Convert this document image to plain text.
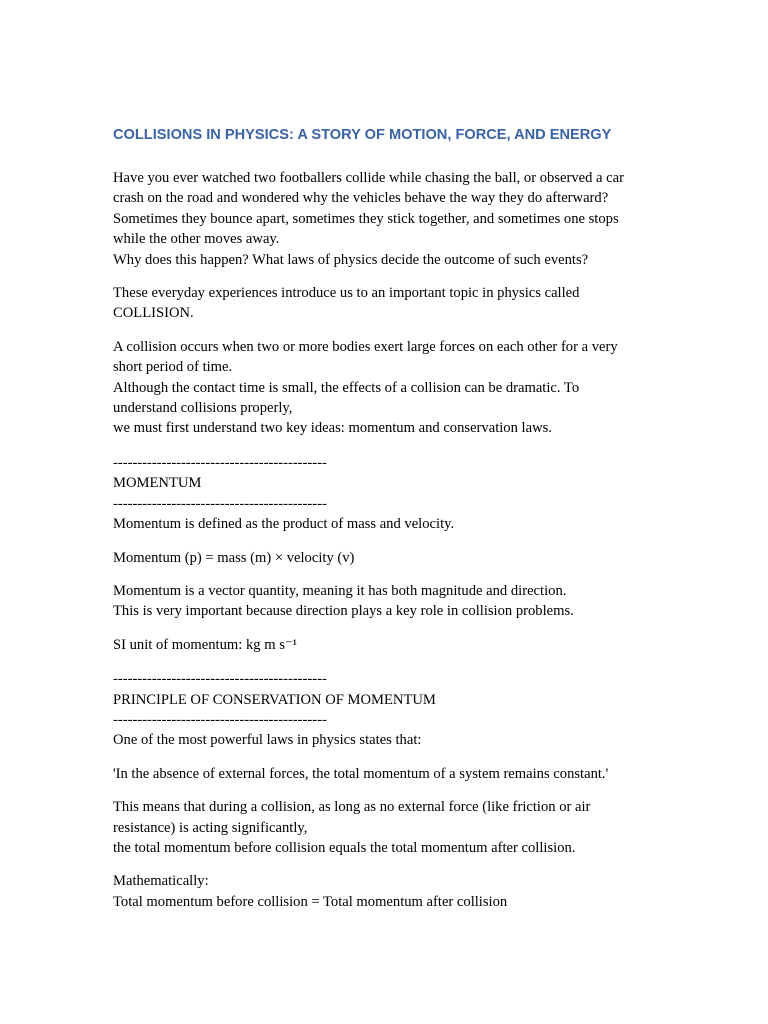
COLLISIONS IN PHYSICS: A STORY OF MOTION, FORCE, AND ENERGY
Have you ever watched two footballers collide while chasing the ball, or observed a car
crash on the road and wondered why the vehicles behave the way they do afterward?
Sometimes they bounce apart, sometimes they stick together, and sometimes one stops
while the other moves away.
Why does this happen? What laws of physics decide the outcome of such events?
These everyday experiences introduce us to an important topic in physics called
COLLISION.
A collision occurs when two or more bodies exert large forces on each other for a very
short period of time.
Although the contact time is small, the effects of a collision can be dramatic. To
understand collisions properly,
we must first understand two key ideas: momentum and conservation laws.
--------------------------------------------
MOMENTUM
--------------------------------------------
Momentum is defined as the product of mass and velocity.
Momentum (p) = mass (m) × velocity (v)
Momentum is a vector quantity, meaning it has both magnitude and direction.
This is very important because direction plays a key role in collision problems.
SI unit of momentum: kg m s⁻¹
--------------------------------------------
PRINCIPLE OF CONSERVATION OF MOMENTUM
--------------------------------------------
One of the most powerful laws in physics states that:
'In the absence of external forces, the total momentum of a system remains constant.'
This means that during a collision, as long as no external force (like friction or air
resistance) is acting significantly,
the total momentum before collision equals the total momentum after collision.
Mathematically:
Total momentum before collision = Total momentum after collision
